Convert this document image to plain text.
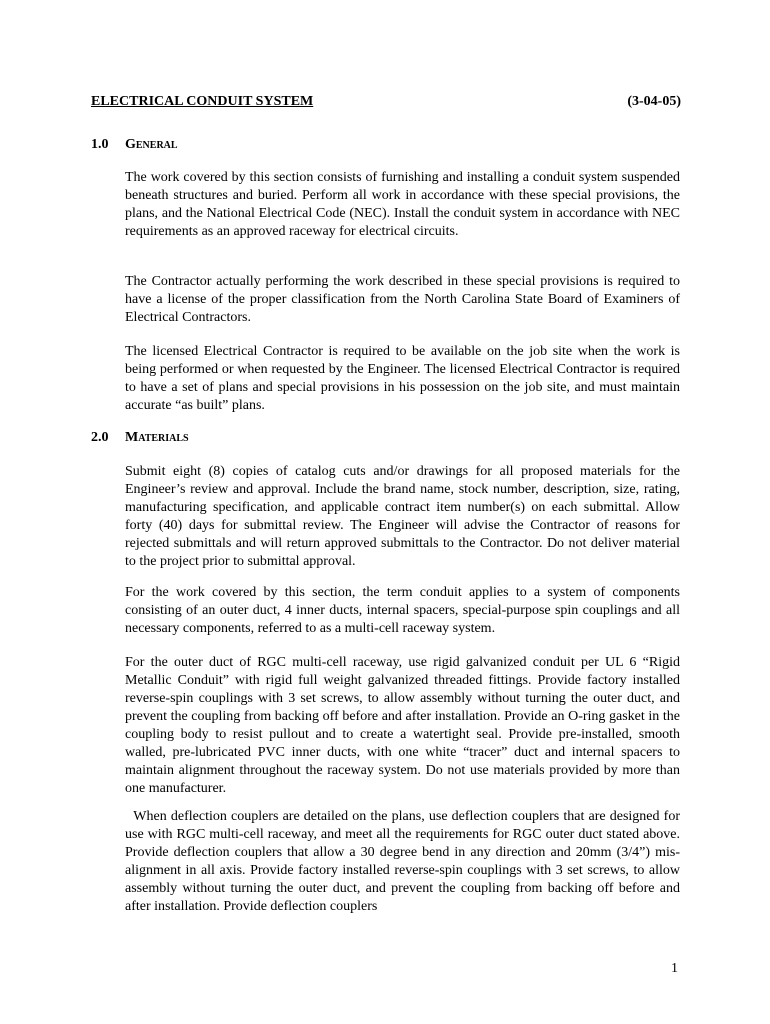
ELECTRICAL CONDUIT SYSTEM	(3-04-05)
1.0 General

The work covered by this section consists of furnishing and installing a conduit system suspended beneath structures and buried. Perform all work in accordance with these special provisions, the plans, and the National Electrical Code (NEC). Install the conduit system in accordance with NEC requirements as an approved raceway for electrical circuits.

The Contractor actually performing the work described in these special provisions is required to have a license of the proper classification from the North Carolina State Board of Examiners of Electrical Contractors.

The licensed Electrical Contractor is required to be available on the job site when the work is being performed or when requested by the Engineer. The licensed Electrical Contractor is required to have a set of plans and special provisions in his possession on the job site, and must maintain accurate “as built” plans.

2.0 Materials

Submit eight (8) copies of catalog cuts and/or drawings for all proposed materials for the Engineer’s review and approval. Include the brand name, stock number, description, size, rating, manufacturing specification, and applicable contract item number(s) on each submittal. Allow forty (40) days for submittal review. The Engineer will advise the Contractor of reasons for rejected submittals and will return approved submittals to the Contractor. Do not deliver material to the project prior to submittal approval.

For the work covered by this section, the term conduit applies to a system of components consisting of an outer duct, 4 inner ducts, internal spacers, special-purpose spin couplings and all necessary components, referred to as a multi-cell raceway system.

For the outer duct of RGC multi-cell raceway, use rigid galvanized conduit per UL 6 “Rigid Metallic Conduit” with rigid full weight galvanized threaded fittings. Provide factory installed reverse-spin couplings with 3 set screws, to allow assembly without turning the outer duct, and prevent the coupling from backing off before and after installation. Provide an O-ring gasket in the coupling body to resist pullout and to create a watertight seal. Provide pre-installed, smooth walled, pre-lubricated PVC inner ducts, with one white “tracer” duct and internal spacers to maintain alignment throughout the raceway system. Do not use materials provided by more than one manufacturer.

When deflection couplers are detailed on the plans, use deflection couplers that are designed for use with RGC multi-cell raceway, and meet all the requirements for RGC outer duct stated above. Provide deflection couplers that allow a 30 degree bend in any direction and 20mm (3/4”) mis-alignment in all axis. Provide factory installed reverse-spin couplings with 3 set screws, to allow assembly without turning the outer duct, and prevent the coupling from backing off before and after installation. Provide deflection couplers

1
